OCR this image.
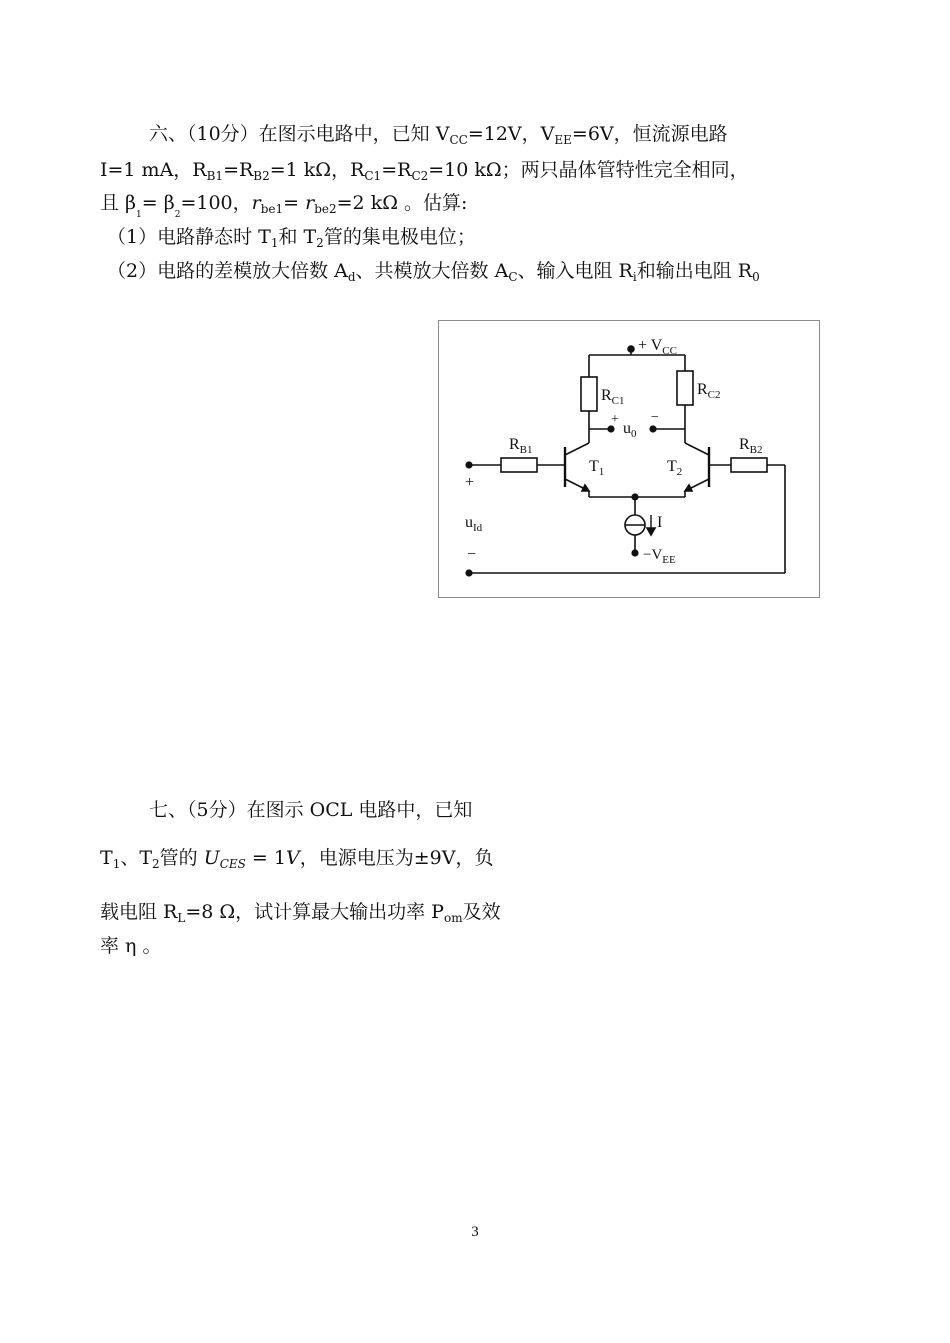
六、（10分）在图示电路中，已知 $V_{CC}=12V$，$V_{EE}=6V$，恒流源电路
I=1 mA，$R_{B1}=R_{B2}=1$ kΩ，$R_{C1}=R_{C2}=10$ kΩ；两只晶体管特性完全相同，
且 $\beta_1= \beta_2=100$，$r_{be1}= r_{be2}=2$ kΩ 。估算:
（1）电路静态时 $T_1$和 $T_2$管的集电极电位；
（2）电路的差模放大倍数 $A_d$、共模放大倍数 $A_C$、输入电阻 $R_i$和输出电阻 $R_0$
+ $V_{CC}$
$R_{C1}$
$R_{C2}$
+ −
$u_0$
$T_1$	$T_2$
I
$-V_{EE}$
$R_{B1}$	$R_{B2}$
+
$u_{Id}$
−
七、（5分）在图示 OCL 电路中，已知
$T_1$、$T_2$管的 $U_{CES} = 1V$，电源电压为±9V，负
载电阻 $R_L=8$ Ω，试计算最大输出功率 $P_{om}$及效
率 η 。
3
